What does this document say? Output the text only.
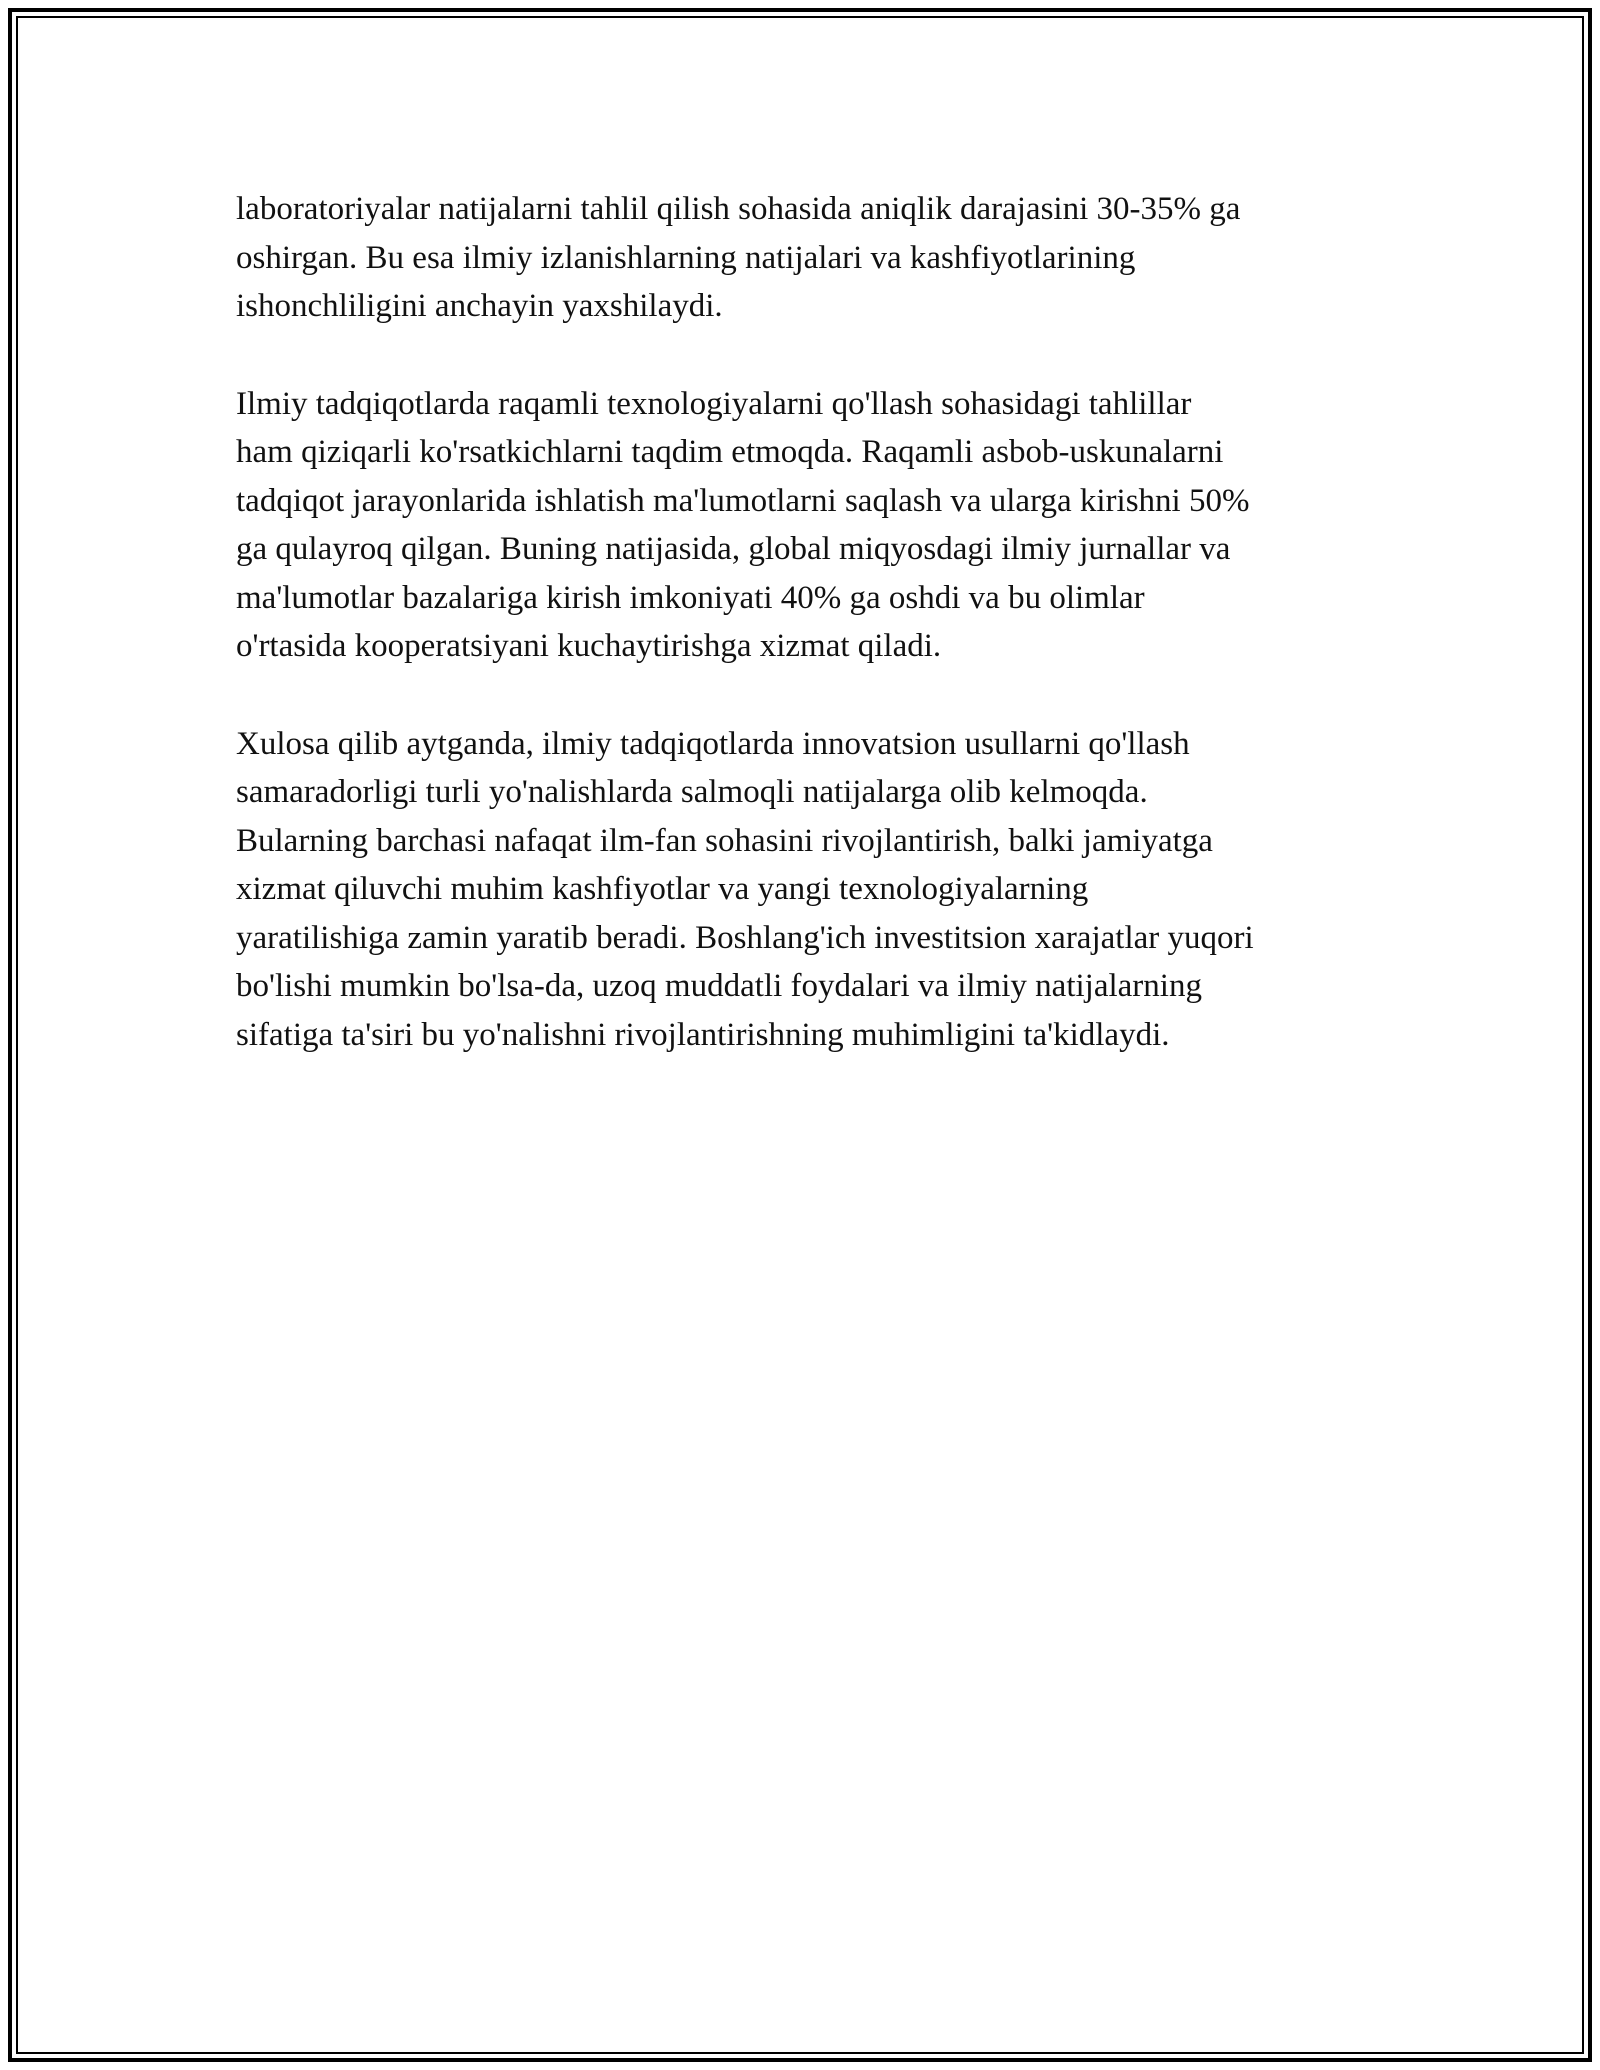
laboratoriyalar natijalarni tahlil qilish sohasida aniqlik darajasini 30-35% ga
oshirgan. Bu esa ilmiy izlanishlarning natijalari va kashfiyotlarining
ishonchliligini anchayin yaxshilaydi.

Ilmiy tadqiqotlarda raqamli texnologiyalarni qo'llash sohasidagi tahlillar
ham qiziqarli ko'rsatkichlarni taqdim etmoqda. Raqamli asbob-uskunalarni
tadqiqot jarayonlarida ishlatish ma'lumotlarni saqlash va ularga kirishni 50%
ga qulayroq qilgan. Buning natijasida, global miqyosdagi ilmiy jurnallar va
ma'lumotlar bazalariga kirish imkoniyati 40% ga oshdi va bu olimlar
o'rtasida kooperatsiyani kuchaytirishga xizmat qiladi.

Xulosa qilib aytganda, ilmiy tadqiqotlarda innovatsion usullarni qo'llash
samaradorligi turli yo'nalishlarda salmoqli natijalarga olib kelmoqda.
Bularning barchasi nafaqat ilm-fan sohasini rivojlantirish, balki jamiyatga
xizmat qiluvchi muhim kashfiyotlar va yangi texnologiyalarning
yaratilishiga zamin yaratib beradi. Boshlang'ich investitsion xarajatlar yuqori
bo'lishi mumkin bo'lsa-da, uzoq muddatli foydalari va ilmiy natijalarning
sifatiga ta'siri bu yo'nalishni rivojlantirishning muhimligini ta'kidlaydi.
